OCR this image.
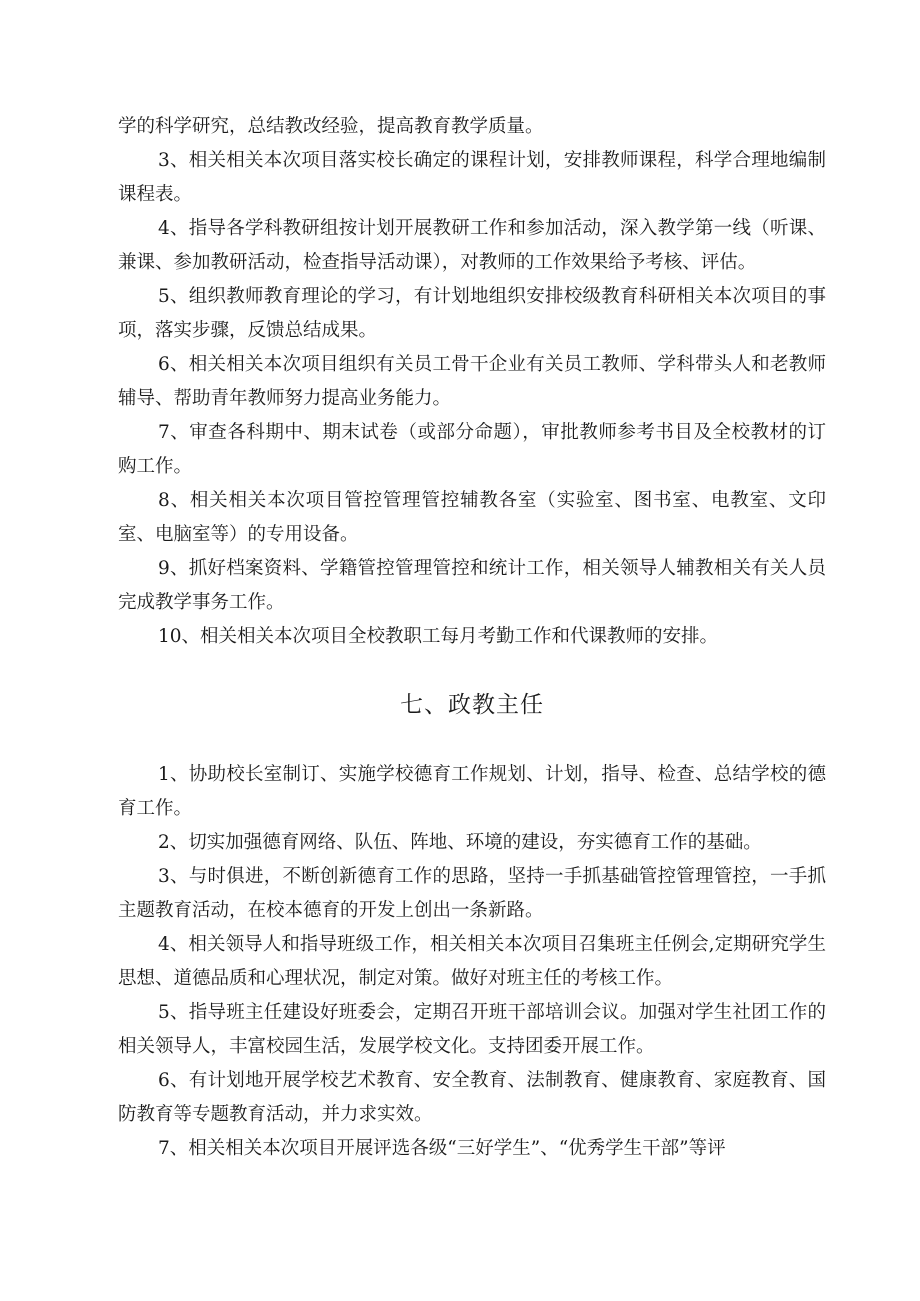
学的科学研究，总结教改经验，提高教育教学质量。

3、相关相关本次项目落实校长确定的课程计划，安排教师课程，科学合理地编制课程表。

4、指导各学科教研组按计划开展教研工作和参加活动，深入教学第一线（听课、兼课、参加教研活动，检查指导活动课），对教师的工作效果给予考核、评估。

5、组织教师教育理论的学习，有计划地组织安排校级教育科研相关本次项目的事项，落实步骤，反馈总结成果。

6、相关相关本次项目组织有关员工骨干企业有关员工教师、学科带头人和老教师辅导、帮助青年教师努力提高业务能力。

7、审查各科期中、期末试卷（或部分命题），审批教师参考书目及全校教材的订购工作。

8、相关相关本次项目管控管理管控辅教各室（实验室、图书室、电教室、文印室、电脑室等）的专用设备。

9、抓好档案资料、学籍管控管理管控和统计工作，相关领导人辅教相关有关人员完成教学事务工作。

10、相关相关本次项目全校教职工每月考勤工作和代课教师的安排。

七、政教主任

1、协助校长室制订、实施学校德育工作规划、计划，指导、检查、总结学校的德育工作。

2、切实加强德育网络、队伍、阵地、环境的建设，夯实德育工作的基础。

3、与时俱进，不断创新德育工作的思路，坚持一手抓基础管控管理管控，一手抓主题教育活动，在校本德育的开发上创出一条新路。

4、相关领导人和指导班级工作，相关相关本次项目召集班主任例会,定期研究学生思想、道德品质和心理状况，制定对策。做好对班主任的考核工作。

5、指导班主任建设好班委会，定期召开班干部培训会议。加强对学生社团工作的相关领导人，丰富校园生活，发展学校文化。支持团委开展工作。

6、有计划地开展学校艺术教育、安全教育、法制教育、健康教育、家庭教育、国防教育等专题教育活动，并力求实效。

7、相关相关本次项目开展评选各级“三好学生”、“优秀学生干部”等评
